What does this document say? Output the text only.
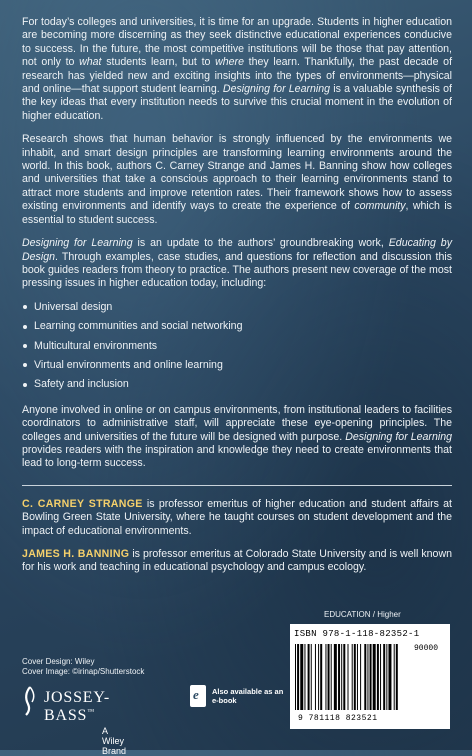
For today’s colleges and universities, it is time for an upgrade. Students in higher education are becoming more discerning as they seek distinctive educational experiences conducive to success. In the future, the most competitive institutions will be those that pay attention, not only to what students learn, but to where they learn. Thankfully, the past decade of research has yielded new and exciting insights into the types of environments—physical and online—that support student learning. Designing for Learning is a valuable synthesis of the key ideas that every institution needs to survive this crucial moment in the evolution of higher education.

Research shows that human behavior is strongly influenced by the environments we inhabit, and smart design principles are transforming learning environments around the world. In this book, authors C. Carney Strange and James H. Banning show how colleges and universities that take a conscious approach to their learning environments stand to attract more students and improve retention rates. Their framework shows how to assess existing environments and identify ways to create the experience of community, which is essential to student success.

Designing for Learning is an update to the authors’ groundbreaking work, Educating by Design. Through examples, case studies, and questions for reflection and discussion this book guides readers from theory to practice. The authors present new coverage of the most pressing issues in higher education today, including:

Universal design
Learning communities and social networking
Multicultural environments
Virtual environments and online learning
Safety and inclusion

Anyone involved in online or on campus environments, from institutional leaders to facilities coordinators to administrative staff, will appreciate these eye-opening principles. The colleges and universities of the future will be designed with purpose. Designing for Learning provides readers with the inspiration and knowledge they need to create environments that lead to long-term success.

C. CARNEY STRANGE is professor emeritus of higher education and student affairs at Bowling Green State University, where he taught courses on student development and the impact of educational environments.

JAMES H. BANNING is professor emeritus at Colorado State University and is well known for his work and teaching in educational psychology and campus ecology.

EDUCATION / Higher
ISBN 978-1-118-82352-1
90000
9 781118 823521
Cover Design: Wiley
Cover Image: ©irinap/Shutterstock
JOSSEY-BASS™
A Wiley Brand
e Also available as an e-book
